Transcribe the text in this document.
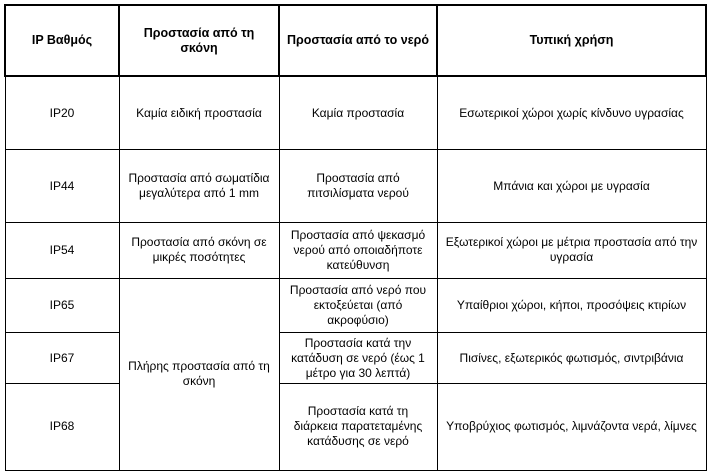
IP Βαθμός	Προστασία από τη σκόνη	Προστασία από το νερό	Τυπική χρήση
IP20	Καμία ειδική προστασία	Καμία προστασία	Εσωτερικοί χώροι χωρίς κίνδυνο υγρασίας
IP44	Προστασία από σωματίδια μεγαλύτερα από 1 mm	Προστασία από πιτσιλίσματα νερού	Μπάνια και χώροι με υγρασία
IP54	Προστασία από σκόνη σε μικρές ποσότητες	Προστασία από ψεκασμό νερού από οποιαδήποτε κατεύθυνση	Εξωτερικοί χώροι με μέτρια προστασία από την υγρασία
IP65	Πλήρης προστασία από τη σκόνη	Προστασία από νερό που εκτοξεύεται (από ακροφύσιο)	Υπαίθριοι χώροι, κήποι, προσόψεις κτιρίων
IP67		Προστασία κατά την κατάδυση σε νερό (έως 1 μέτρο για 30 λεπτά)	Πισίνες, εξωτερικός φωτισμός, σιντριβάνια
IP68		Προστασία κατά τη διάρκεια παρατεταμένης κατάδυσης σε νερό	Υποβρύχιος φωτισμός, λιμνάζοντα νερά, λίμνες
